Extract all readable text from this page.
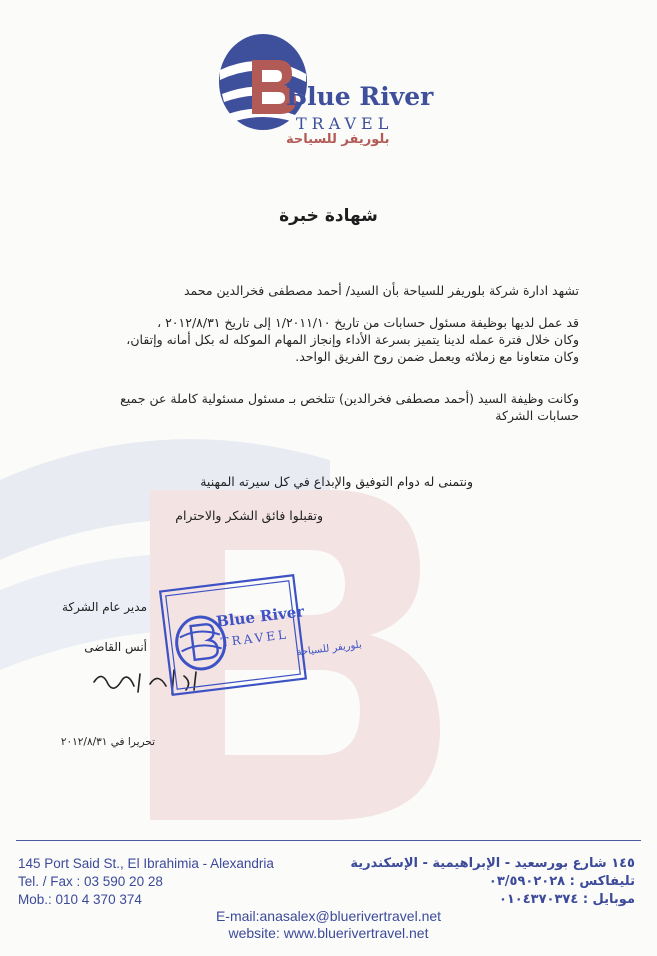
Blue River
TRAVEL
بلوريفر للسياحة
شهادة خبرة
تشهد ادارة شركة بلوريفر للسياحة بأن السيد/ أحمد مصطفى فخرالدين محمد
قد عمل لديها بوظيفة مسئول حسابات من تاريخ ١/٢٠١١/١٠ إلى تاريخ ٢٠١٢/٨/٣١ ،
وكان خلال فترة عمله لدينا يتميز بسرعة الأداء وإنجاز المهام الموكله له بكل أمانه وإتقان،
وكان متعاونا مع زملائه ويعمل ضمن روح الفريق الواحد.
وكانت وظيفة السيد (أحمد مصطفى فخرالدين) تتلخص بـ مسئول مسئولية كاملة عن جميع
حسابات الشركة
ونتمنى له دوام التوفيق والإبداع في كل سيرته المهنية
وتقبلوا فائق الشكر والاحترام
مدير عام الشركة
أنس القاضى
Blue River
TRAVEL بلوريفر للسياحة
تحريرا في ٢٠١٢/٨/٣١
145 Port Said St., El Ibrahimia - Alexandria
Tel. / Fax : 03 590 20 28
Mob.: 010 4 370 374
١٤٥ شارع بورسعيد - الإبراهيمية - الإسكندرية
تليفاكس : ٠٣/٥٩٠٢٠٢٨
موبايل : ٠١٠٤٣٧٠٣٧٤
E-mail:anasalex@bluerivertravel.net
website: www.bluerivertravel.net
